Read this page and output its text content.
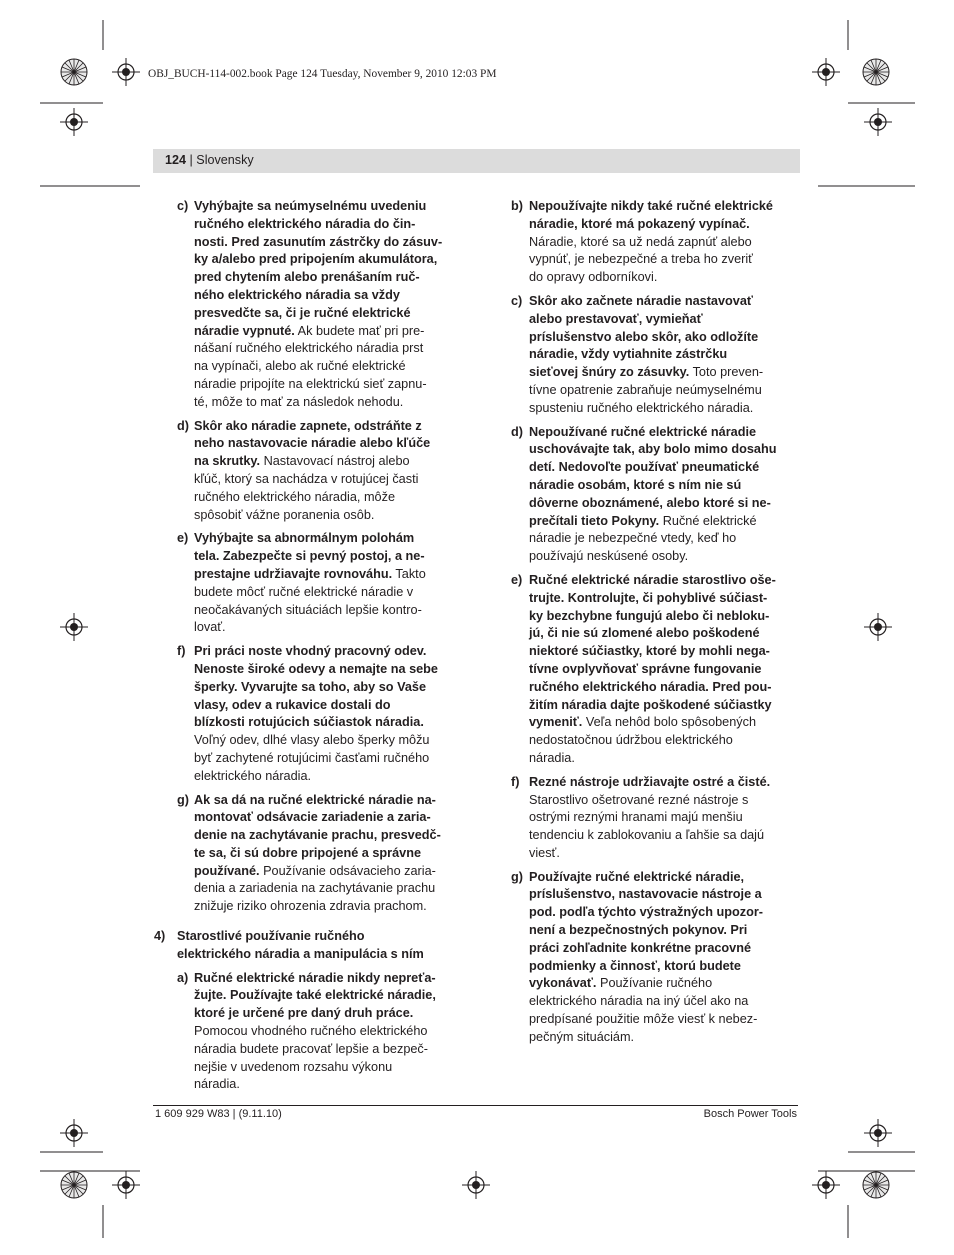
OBJ_BUCH-114-002.book Page 124 Tuesday, November 9, 2010 12:03 PM
124 | Slovensky
c) Vyhýbajte sa neúmyselnému uvedeniu

ručného elektrického náradia do čin-

nosti. Pred zasunutím zástrčky do zásuv-

ky a/alebo pred pripojením akumulátora,

pred chytením alebo prenášaním ruč-

ného elektrického náradia sa vždy

presvedčte sa, či je ručné elektrické

náradie vypnuté. Ak budete mať pri pre-

nášaní ručného elektrického náradia prst

na vypínači, alebo ak ručné elektrické

náradie pripojíte na elektrickú sieť zapnu-

té, môže to mať za následok nehodu.

d) Skôr ako náradie zapnete, odstráňte z

neho nastavovacie náradie alebo kľúče

na skrutky. Nastavovací nástroj alebo

kľúč, ktorý sa nachádza v rotujúcej časti

ručného elektrického náradia, môže

spôsobiť vážne poranenia osôb.

e) Vyhýbajte sa abnormálnym polohám

tela. Zabezpečte si pevný postoj, a ne-

prestajne udržiavajte rovnováhu. Takto

budete môcť ručné elektrické náradie v

neočakávaných situáciách lepšie kontro-

lovať.

f) Pri práci noste vhodný pracovný odev.

Nenoste široké odevy a nemajte na sebe

šperky. Vyvarujte sa toho, aby so Vaše

vlasy, odev a rukavice dostali do

blízkosti rotujúcich súčiastok náradia.

Voľný odev, dlhé vlasy alebo šperky môžu

byť zachytené rotujúcimi časťami ručného

elektrického náradia.

g) Ak sa dá na ručné elektrické náradie na-

montovať odsávacie zariadenie a zaria-

denie na zachytávanie prachu, presvedč-

te sa, či sú dobre pripojené a správne

používané. Používanie odsávacieho zaria-

denia a zariadenia na zachytávanie prachu

znižuje riziko ohrozenia zdravia prachom.

4) Starostlivé používanie ručného

elektrického náradia a manipulácia s ním

a) Ručné elektrické náradie nikdy nepreťa-

žujte. Používajte také elektrické náradie,

ktoré je určené pre daný druh práce.

Pomocou vhodného ručného elektrického

náradia budete pracovať lepšie a bezpeč-

nejšie v uvedenom rozsahu výkonu

náradia.

b) Nepoužívajte nikdy také ručné elektrické

náradie, ktoré má pokazený vypínač.

Náradie, ktoré sa už nedá zapnúť alebo

vypnúť, je nebezpečné a treba ho zveriť

do opravy odborníkovi.

c) Skôr ako začnete náradie nastavovať

alebo prestavovať, vymieňať

príslušenstvo alebo skôr, ako odložíte

náradie, vždy vytiahnite zástrčku

sieťovej šnúry zo zásuvky. Toto preven-

tívne opatrenie zabraňuje neúmyselnému

spusteniu ručného elektrického náradia.

d) Nepoužívané ručné elektrické náradie

uschovávajte tak, aby bolo mimo dosahu

detí. Nedovoľte používať pneumatické

náradie osobám, ktoré s ním nie sú

dôverne oboznámené, alebo ktoré si ne-

prečítali tieto Pokyny. Ručné elektrické

náradie je nebezpečné vtedy, keď ho

používajú neskúsené osoby.

e) Ručné elektrické náradie starostlivo oše-

trujte. Kontrolujte, či pohyblivé súčiast-

ky bezchybne fungujú alebo či nebloku-

jú, či nie sú zlomené alebo poškodené

niektoré súčiastky, ktoré by mohli nega-

tívne ovplyvňovať správne fungovanie

ručného elektrického náradia. Pred pou-

žitím náradia dajte poškodené súčiastky

vymeniť. Veľa nehôd bolo spôsobených

nedostatočnou údržbou elektrického

náradia.

f) Rezné nástroje udržiavajte ostré a čisté.

Starostlivo ošetrované rezné nástroje s

ostrými reznými hranami majú menšiu

tendenciu k zablokovaniu a ľahšie sa dajú

viesť.

g) Používajte ručné elektrické náradie,

príslušenstvo, nastavovacie nástroje a

pod. podľa týchto výstražných upozor-

není a bezpečnostných pokynov. Pri

práci zohľadnite konkrétne pracovné

podmienky a činnosť, ktorú budete

vykonávať. Používanie ručného

elektrického náradia na iný účel ako na

predpísané použitie môže viesť k nebez-

pečným situáciám.

1 609 929 W83 | (9.11.10)	Bosch Power Tools
